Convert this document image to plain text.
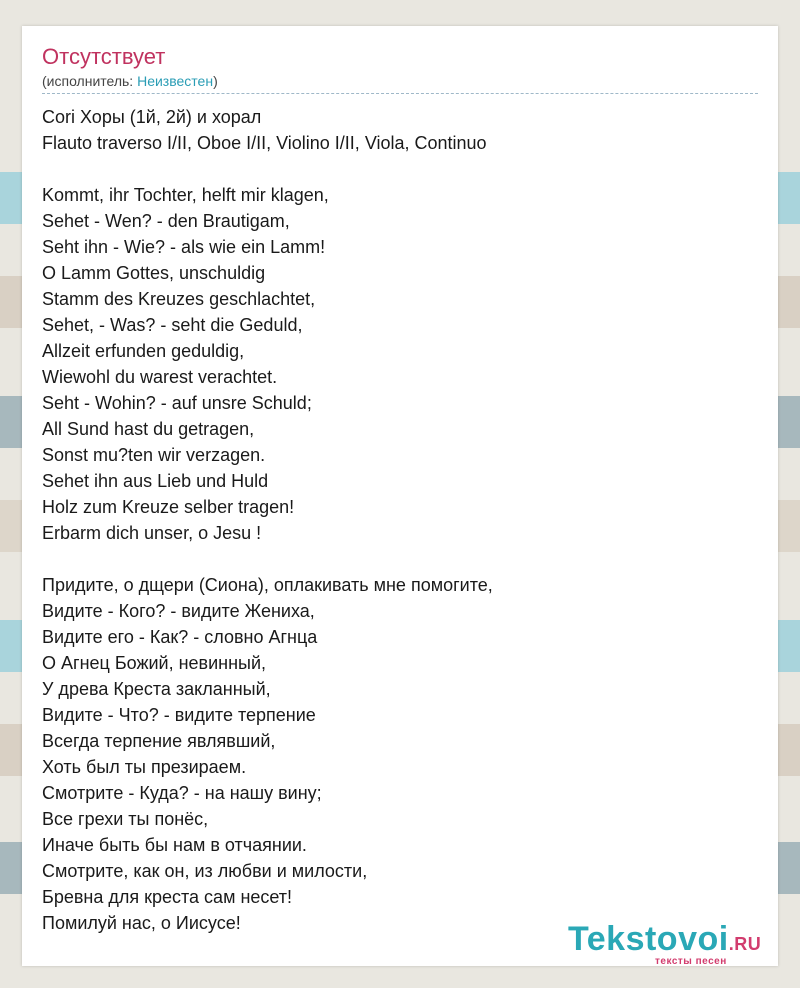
Отсутствует
(исполнитель: Неизвестен)
Cori Хоры (1й, 2й) и хорал
Flauto traverso I/II, Oboe I/II, Violino I/II, Viola, Continuo
Kommt, ihr Tochter, helft mir klagen,
Sehet - Wen? - den Brautigam,
Seht ihn - Wie? - als wie ein Lamm!
O Lamm Gottes, unschuldig
Stamm des Kreuzes geschlachtet,
Sehet, - Was? - seht die Geduld,
Allzeit erfunden geduldig,
Wiewohl du warest verachtet.
Seht - Wohin? - auf unsre Schuld;
All Sund hast du getragen,
Sonst mu?ten wir verzagen.
Sehet ihn aus Lieb und Huld
Holz zum Kreuze selber tragen!
Erbarm dich unser, o Jesu !
Придите, о дщери (Сиона), оплакивать мне помогите,
Видите - Кого? - видите Жениха,
Видите его - Как? - словно Агнца
О Агнец Божий, невинный,
У древа Креста закланный,
Видите - Что? - видите терпение
Всегда терпение являвший,
Хоть был ты презираем.
Смотрите - Куда? - на нашу вину;
Все грехи ты понёс,
Иначе быть бы нам в отчаянии.
Смотрите, как он, из любви и милости,
Бревна для креста сам несет!
Помилуй нас, о Иисусе!	Tekstovoi.RU
тексты песен
